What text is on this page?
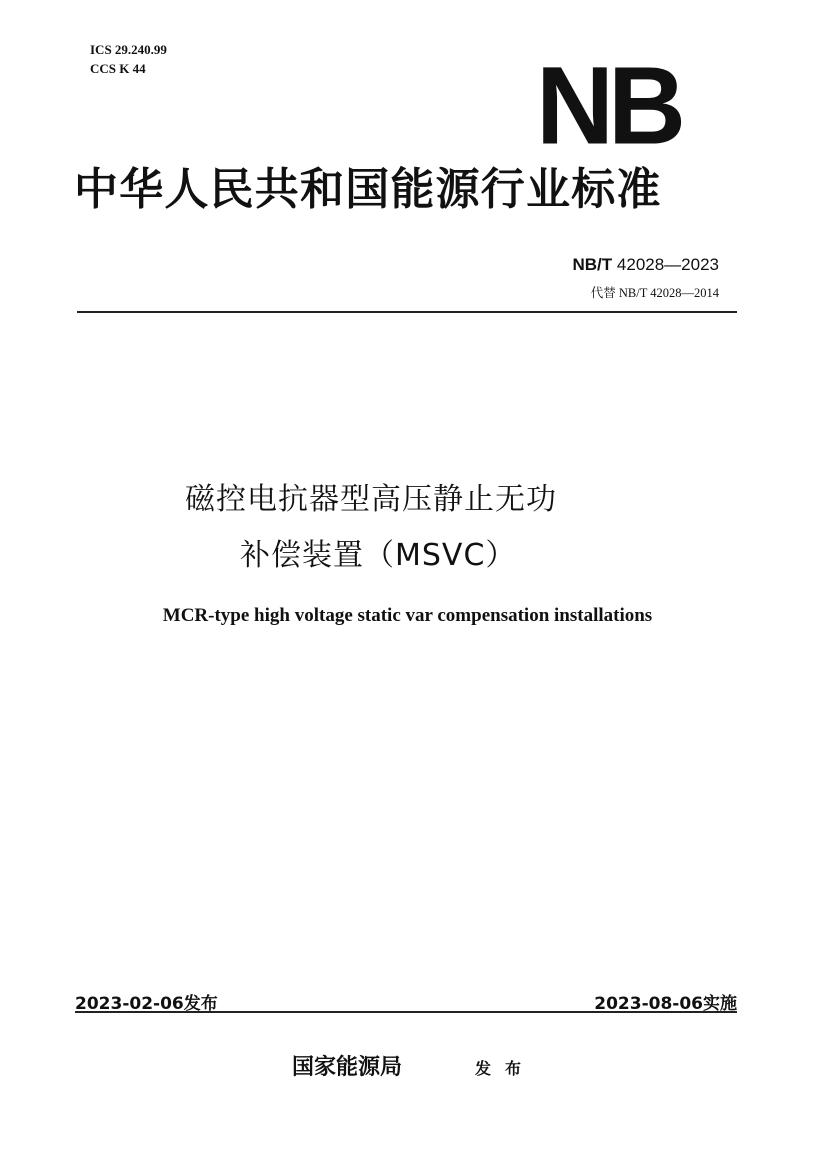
ICS 29.240.99
CCS K 44	NB
中华人民共和国能源行业标准
NB/T 42028—2023
代替 NB/T 42028—2014
磁控电抗器型高压静止无功
补偿装置（MSVC）
MCR-type high voltage static var compensation installations
2023-02-06发布	2023-08-06实施
国家能源局	发布
